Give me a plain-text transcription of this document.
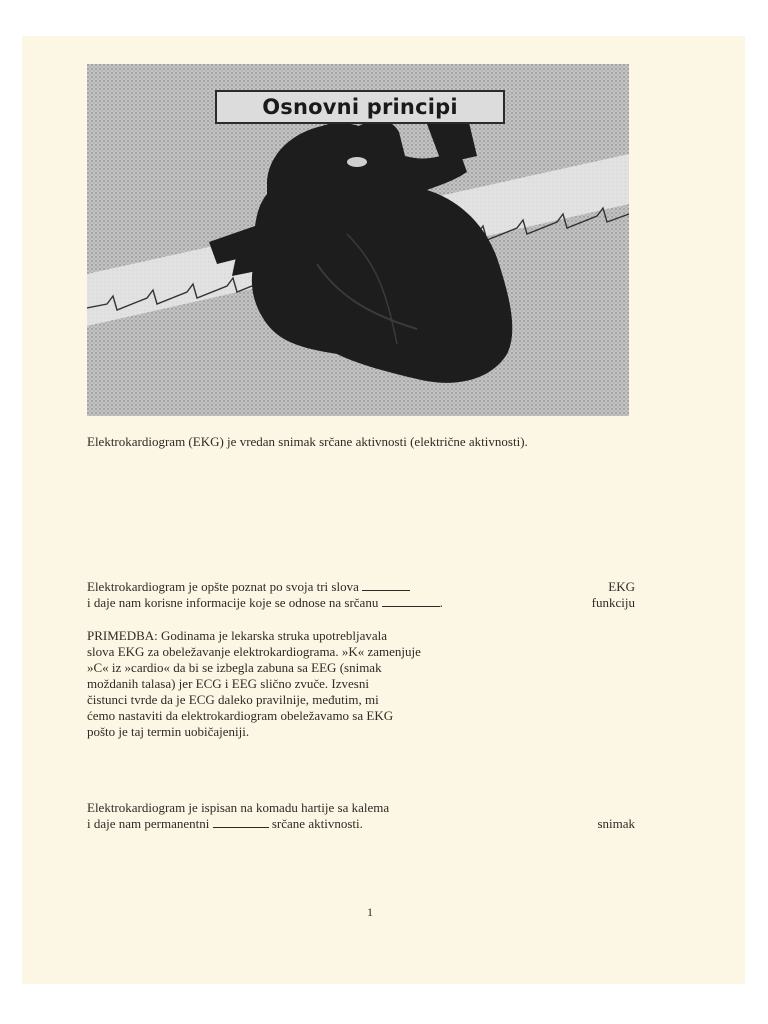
Osnovni principi
Elektrokardiogram (EKG) je vredan snimak srčane aktivnosti (električne aktivnosti).
Elektrokardiogram je opšte poznat po svoja tri slova	EKG
i daje nam korisne informacije koje se odnose na srčanu	.	funkciju
PRIMEDBA: Godinama je lekarska struka upotrebljavala
slova EKG za obeležavanje elektrokardiograma. »K« zamenjuje
»C« iz »cardio« da bi se izbegla zabuna sa EEG (snimak
moždanih talasa) jer ECG i EEG slično zvuče. Izvesni
čistunci tvrde da je ECG daleko pravilnije, međutim, mi
ćemo nastaviti da elektrokardiogram obeležavamo sa EKG
pošto je taj termin uobičajeniji.
Elektrokardiogram je ispisan na komadu hartije sa kalema
i daje nam permanentni	srčane aktivnosti.	snimak
1
